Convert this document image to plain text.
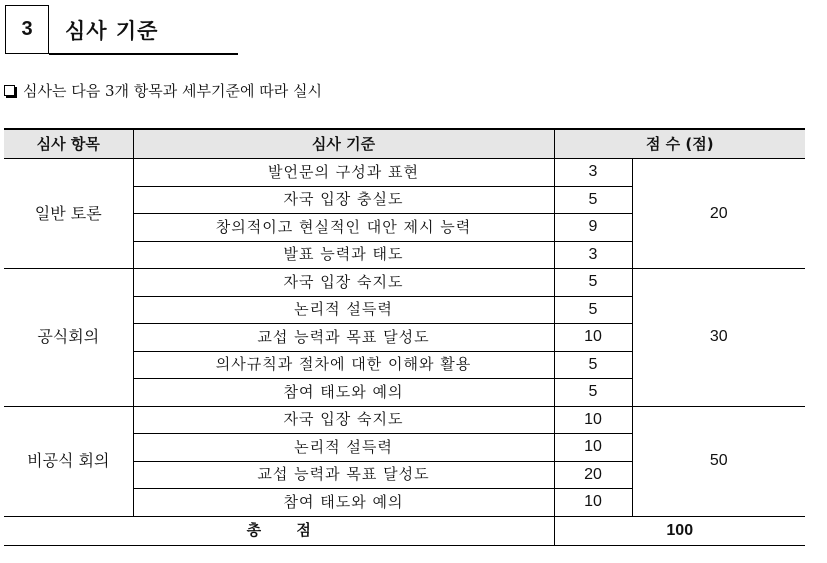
3	심사 기준
심사는 다음 3개 항목과 세부기준에 따라 실시
심사 항목	심사 기준	점 수 (점)	
일반 토론	발언문의 구성과 표현	3	20
	자국 입장 충실도	5	
	창의적이고 현실적인 대안 제시 능력	9	
	발표 능력과 태도	3	
공식회의	자국 입장 숙지도	5	30
	논리적 설득력	5	
	교섭 능력과 목표 달성도	10	
	의사규칙과 절차에 대한 이해와 활용	5	
	참여 태도와 예의	5	
비공식 회의	자국 입장 숙지도	10	50
	논리적 설득력	10	
	교섭 능력과 목표 달성도	20	
	참여 태도와 예의	10	
총 점		100	
